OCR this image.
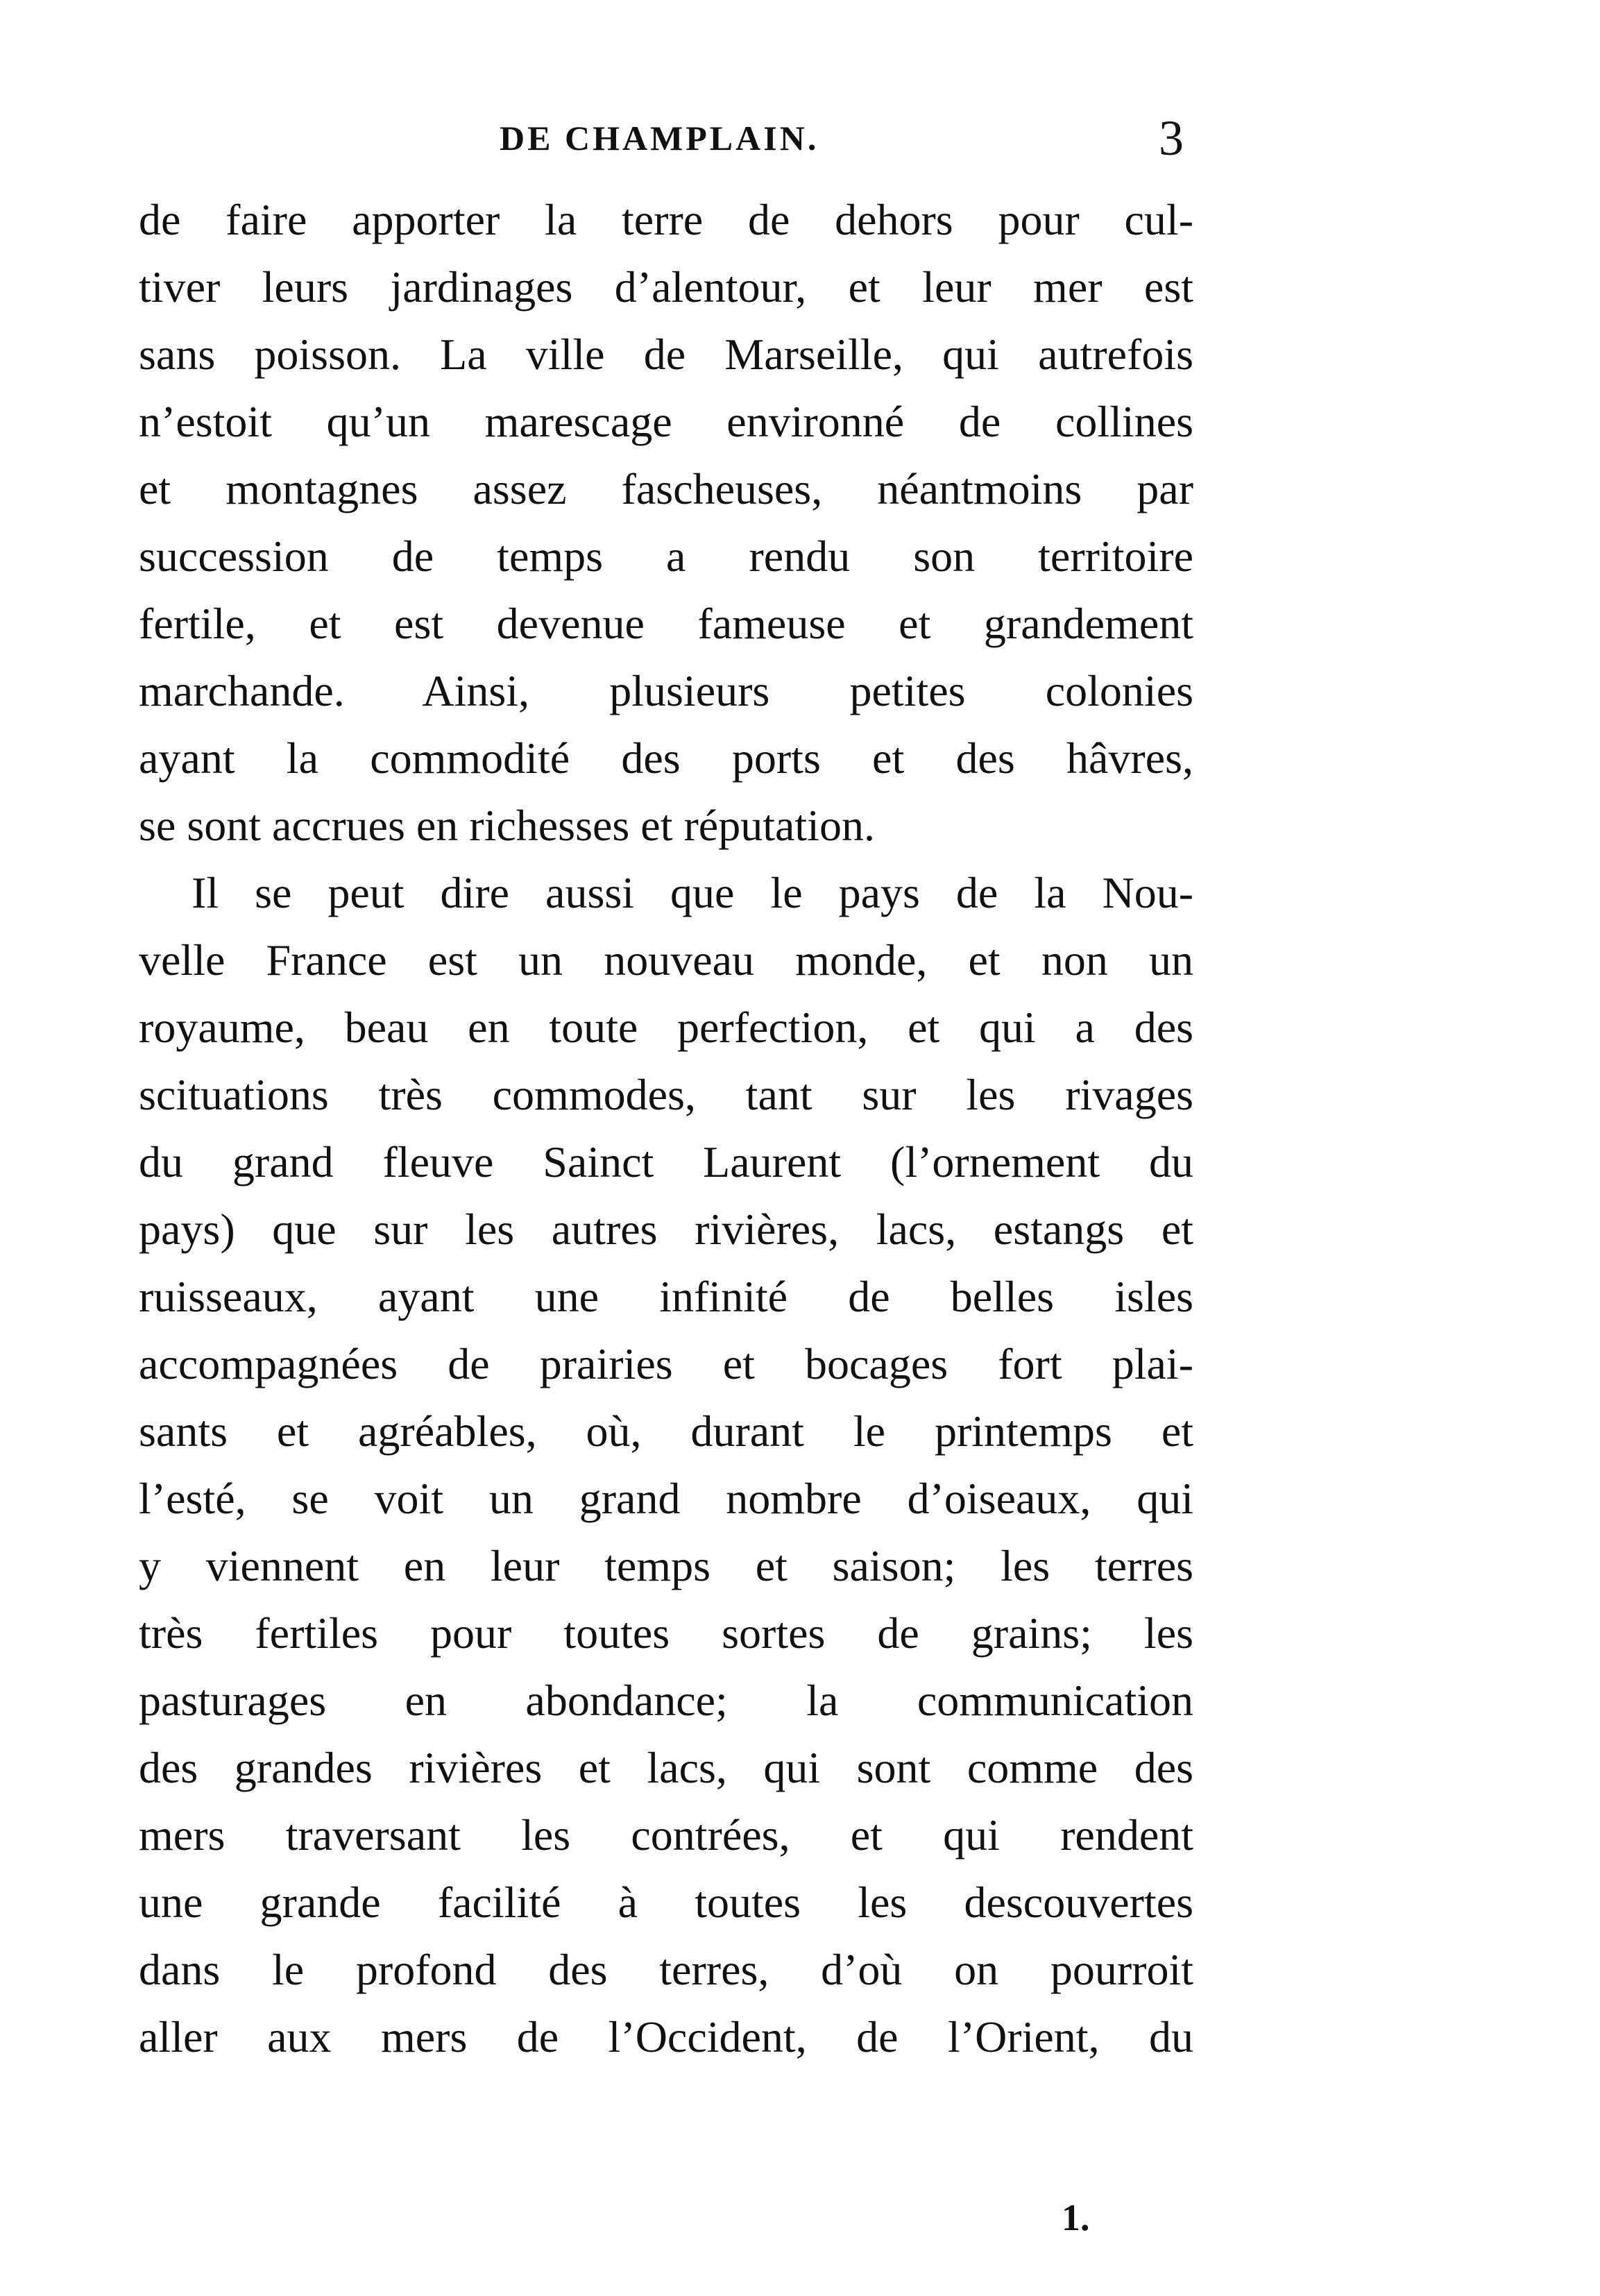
DE CHAMPLAIN.	3
de faire apporter la terre de dehors pour cul-
tiver leurs jardinages d’alentour, et leur mer est
sans poisson. La ville de Marseille, qui autrefois
n’estoit qu’un marescage environné de collines
et montagnes assez fascheuses, néantmoins par
succession de temps a rendu son territoire
fertile, et est devenue fameuse et grandement
marchande. Ainsi, plusieurs petites colonies
ayant la commodité des ports et des hâvres,
se sont accrues en richesses et réputation.
Il se peut dire aussi que le pays de la Nou-
velle France est un nouveau monde, et non un
royaume, beau en toute perfection, et qui a des
scituations très commodes, tant sur les rivages
du grand fleuve Sainct Laurent (l’ornement du
pays) que sur les autres rivières, lacs, estangs et
ruisseaux, ayant une infinité de belles isles
accompagnées de prairies et bocages fort plai-
sants et agréables, où, durant le printemps et
l’esté, se voit un grand nombre d’oiseaux, qui
y viennent en leur temps et saison; les terres
très fertiles pour toutes sortes de grains; les
pasturages en abondance; la communication
des grandes rivières et lacs, qui sont comme des
mers traversant les contrées, et qui rendent
une grande facilité à toutes les descouvertes
dans le profond des terres, d’où on pourroit
aller aux mers de l’Occident, de l’Orient, du
1.
